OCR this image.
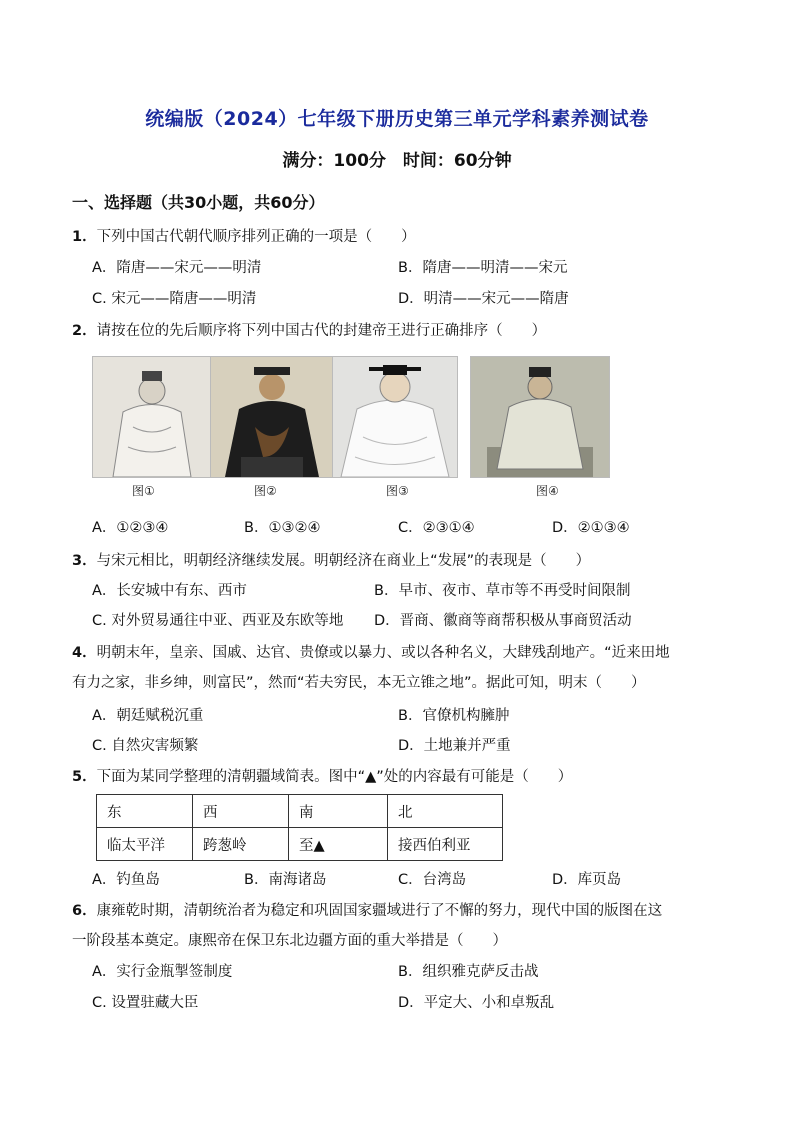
统编版（2024）七年级下册历史第三单元学科素养测试卷
满分：100分　时间：60分钟
一、选择题（共30小题，共60分）
1．下列中国古代朝代顺序排列正确的一项是（　　）
A．隋唐——宋元——明清	B．隋唐——明清——宋元
C. 宋元——隋唐——明清	D．明清——宋元——隋唐
2．请按在位的先后顺序将下列中国古代的封建帝王进行正确排序（　　）
图①	图②	图③	图④
A．①②③④	B．①③②④	C．②③①④	D．②①③④
3．与宋元相比，明朝经济继续发展。明朝经济在商业上“发展”的表现是（　　）
A．长安城中有东、西市	B．早市、夜市、草市等不再受时间限制
C. 对外贸易通往中亚、西亚及东欧等地 D．晋商、徽商等商帮积极从事商贸活动
4．明朝末年，皇亲、国戚、达官、贵僚或以暴力、或以各种名义，大肆残刮地产。“近来田地
有力之家，非乡绅，则富民”，然而“若夫穷民，本无立锥之地”。据此可知，明末（　　）
A．朝廷赋税沉重	B．官僚机构臃肿
C. 自然灾害频繁	D．土地兼并严重
5．下面为某同学整理的清朝疆域简表。图中“▲”处的内容最有可能是（　　）
东	西	南	北
临太平洋	跨葱岭	至▲	接西伯利亚
A．钓鱼岛	B．南海诸岛	C．台湾岛	D．库页岛
6．康雍乾时期，清朝统治者为稳定和巩固国家疆域进行了不懈的努力，现代中国的版图在这
一阶段基本奠定。康熙帝在保卫东北边疆方面的重大举措是（　　）
A．实行金瓶掣签制度	B．组织雅克萨反击战
C. 设置驻藏大臣	D．平定大、小和卓叛乱
